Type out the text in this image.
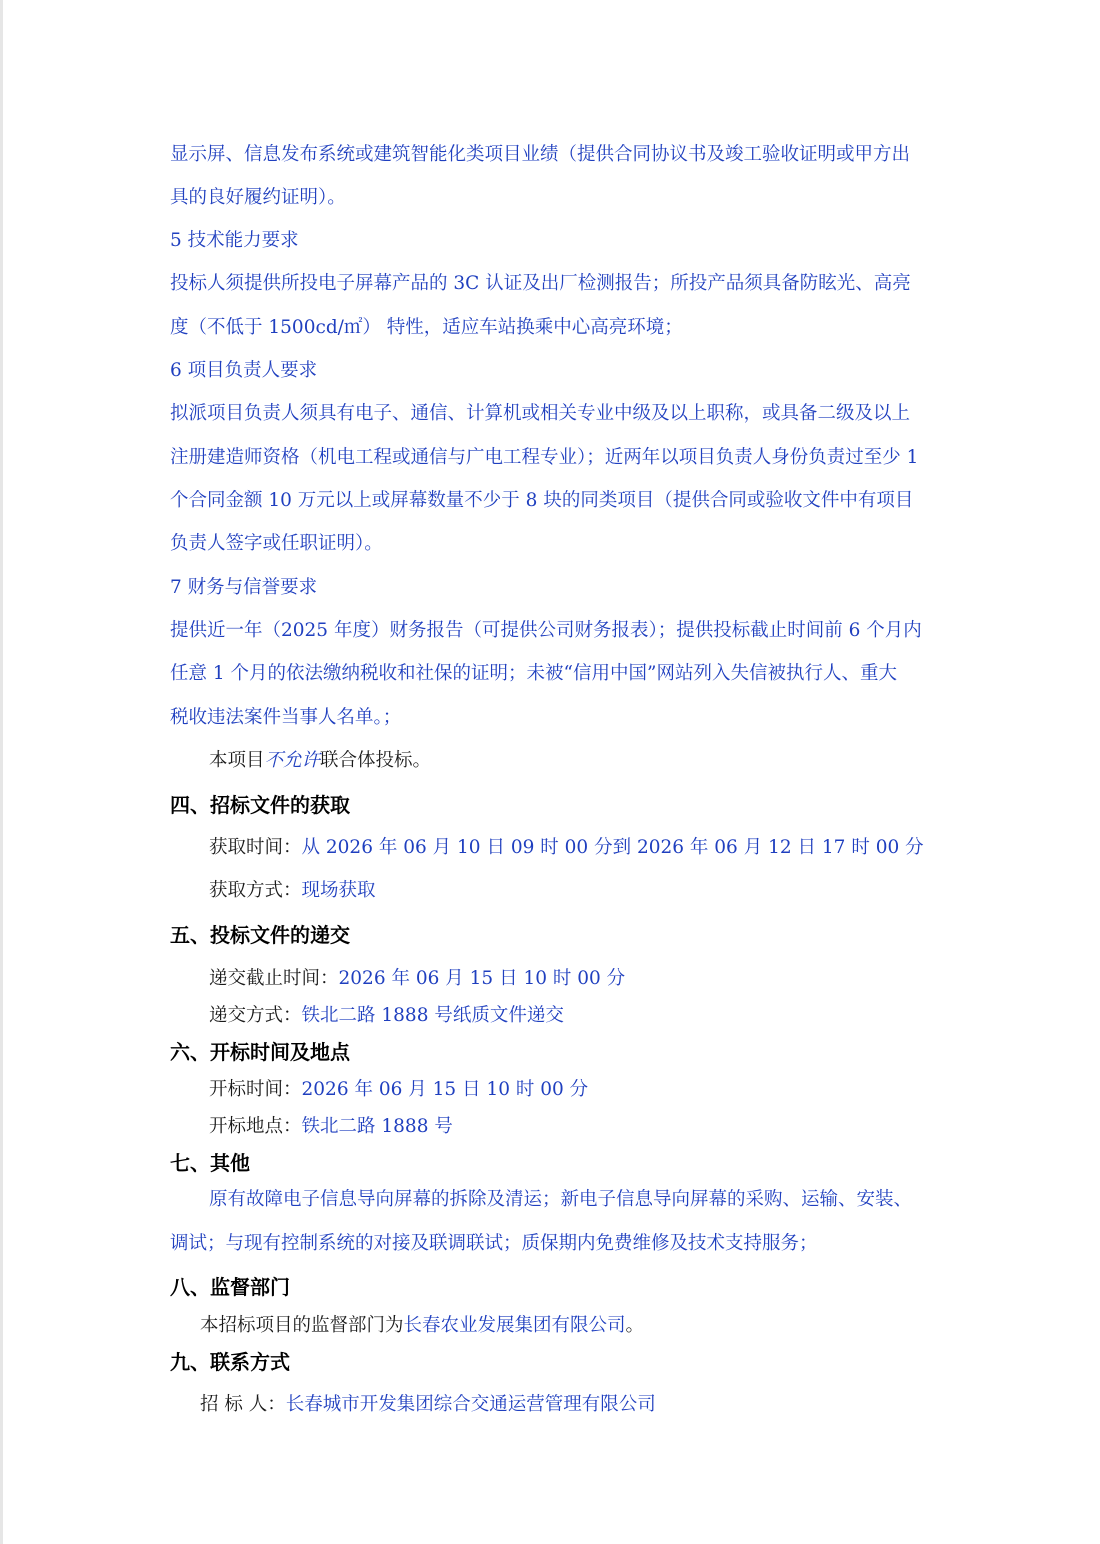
显示屏、信息发布系统或建筑智能化类项目业绩（提供合同协议书及竣工验收证明或甲方出
具的良好履约证明）。
5 技术能力要求
投标人须提供所投电子屏幕产品的 3C 认证及出厂检测报告；所投产品须具备防眩光、高亮
度（不低于 1500cd/㎡） 特性，适应车站换乘中心高亮环境；
6 项目负责人要求
拟派项目负责人须具有电子、通信、计算机或相关专业中级及以上职称，或具备二级及以上
注册建造师资格（机电工程或通信与广电工程专业）；近两年以项目负责人身份负责过至少 1
个合同金额 10 万元以上或屏幕数量不少于 8 块的同类项目（提供合同或验收文件中有项目
负责人签字或任职证明）。
7 财务与信誉要求
提供近一年（2025 年度）财务报告（可提供公司财务报表）；提供投标截止时间前 6 个月内
任意 1 个月的依法缴纳税收和社保的证明；未被“信用中国”网站列入失信被执行人、重大
税收违法案件当事人名单。；
本项目不允许联合体投标。
四、招标文件的获取
获取时间：从 2026 年 06 月 10 日 09 时 00 分到 2026 年 06 月 12 日 17 时 00 分
获取方式：现场获取
五、投标文件的递交
递交截止时间：2026 年 06 月 15 日 10 时 00 分
递交方式：铁北二路 1888 号纸质文件递交
六、开标时间及地点
开标时间：2026 年 06 月 15 日 10 时 00 分
开标地点：铁北二路 1888 号
七、其他
原有故障电子信息导向屏幕的拆除及清运；新电子信息导向屏幕的采购、运输、安装、
调试；与现有控制系统的对接及联调联试；质保期内免费维修及技术支持服务；
八、监督部门
本招标项目的监督部门为长春农业发展集团有限公司。
九、联系方式
招 标 人：长春城市开发集团综合交通运营管理有限公司
